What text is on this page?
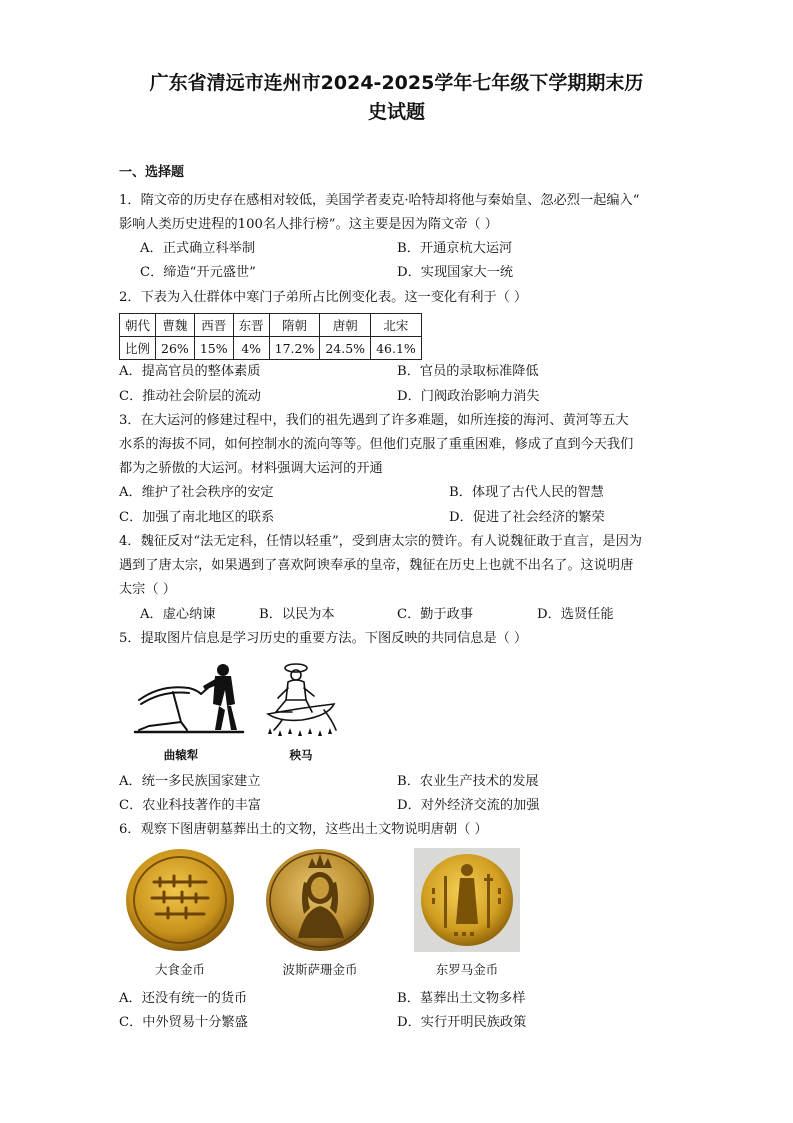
广东省清远市连州市2024-2025学年七年级下学期期末历
史试题
一、选择题
1．隋文帝的历史存在感相对较低，美国学者麦克·哈特却将他与秦始皇、忽必烈一起编入“
影响人类历史进程的100名人排行榜”。这主要是因为隋文帝（ ）
A．正式确立科举制	B．开通京杭大运河
C．缔造“开元盛世”	D．实现国家大一统
2．下表为入仕群体中寒门子弟所占比例变化表。这一变化有利于（ ）
朝代	曹魏	西晋	东晋	隋朝	唐朝	北宋
比例	26%	15%	4%	17.2%	24.5%	46.1%
A．提高官员的整体素质	B．官员的录取标准降低
C．推动社会阶层的流动	D．门阀政治影响力消失
3．在大运河的修建过程中，我们的祖先遇到了许多难题，如所连接的海河、黄河等五大
水系的海拔不同，如何控制水的流向等等。但他们克服了重重困难，修成了直到今天我们
都为之骄傲的大运河。材料强调大运河的开通
A．维护了社会秩序的安定	B．体现了古代人民的智慧
C．加强了南北地区的联系	D．促进了社会经济的繁荣
4．魏征反对“法无定科，任情以轻重”，受到唐太宗的赞许。有人说魏征敢于直言，是因为
遇到了唐太宗，如果遇到了喜欢阿谀奉承的皇帝，魏征在历史上也就不出名了。这说明唐
太宗（ ）
A．虚心纳谏	B．以民为本	C．勤于政事	D．选贤任能
5．提取图片信息是学习历史的重要方法。下图反映的共同信息是（ ）
曲辕犁	秧马
A．统一多民族国家建立	B．农业生产技术的发展
C．农业科技著作的丰富	D．对外经济交流的加强
6．观察下图唐朝墓葬出土的文物，这些出土文物说明唐朝（ ）
大食金币	波斯萨珊金币	东罗马金币
A．还没有统一的货币	B．墓葬出土文物多样
C．中外贸易十分繁盛	D．实行开明民族政策
